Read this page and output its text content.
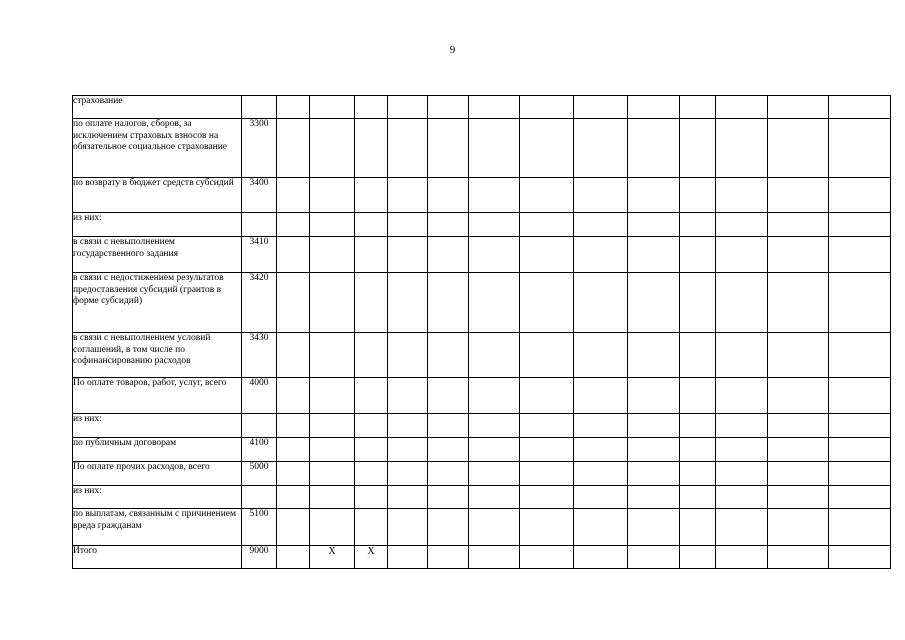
9
страхование														
по оплате налогов, сборов, за исключением страховых взносов на обязательное социальное страхование	3300													
по возврату в бюджет средств субсидий	3400													
из них:														
в связи с невыполнением государственного задания	3410													
в связи с недостижением результатов предоставления субсидий (грантов в форме субсидий)	3420													
в связи с невыполнением условий соглашений, в том числе по софинансированию расходов	3430													
По оплате товаров, работ, услуг, всего	4000													
из них:														
по публичным договорам	4100													
По оплате прочих расходов, всего	5000													
из них:														
по выплатам, связанным с причинением вреда гражданам	5100													
Итого	9000		X	X										
